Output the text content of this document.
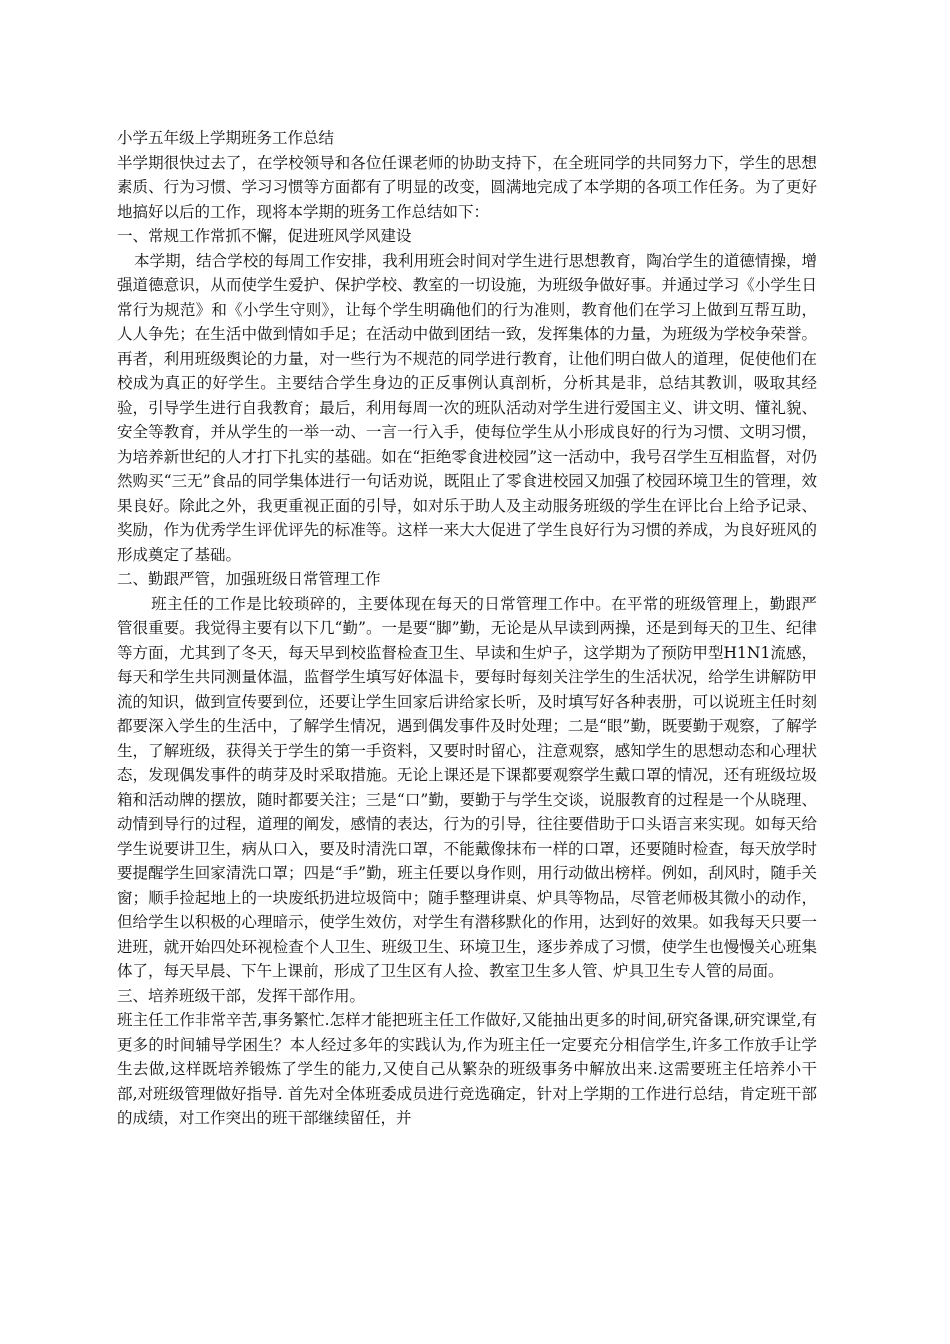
小学五年级上学期班务工作总结

半学期很快过去了，在学校领导和各位任课老师的协助支持下，在全班同学的共同努力下，学生的思想素质、行为习惯、学习习惯等方面都有了明显的改变，圆满地完成了本学期的各项工作任务。为了更好地搞好以后的工作，现将本学期的班务工作总结如下：

一、常规工作常抓不懈，促进班风学风建设

本学期，结合学校的每周工作安排，我利用班会时间对学生进行思想教育，陶冶学生的道德情操，增强道德意识，从而使学生爱护、保护学校、教室的一切设施，为班级争做好事。并通过学习《小学生日常行为规范》和《小学生守则》，让每个学生明确他们的行为准则，教育他们在学习上做到互帮互助，人人争先；在生活中做到情如手足；在活动中做到团结一致，发挥集体的力量，为班级为学校争荣誉。再者，利用班级舆论的力量，对一些行为不规范的同学进行教育，让他们明白做人的道理，促使他们在校成为真正的好学生。主要结合学生身边的正反事例认真剖析，分析其是非，总结其教训，吸取其经验，引导学生进行自我教育；最后，利用每周一次的班队活动对学生进行爱国主义、讲文明、懂礼貌、安全等教育，并从学生的一举一动、一言一行入手，使每位学生从小形成良好的行为习惯、文明习惯，为培养新世纪的人才打下扎实的基础。如在“拒绝零食进校园”这一活动中，我号召学生互相监督，对仍然购买“三无”食品的同学集体进行一句话劝说，既阻止了零食进校园又加强了校园环境卫生的管理，效果良好。除此之外，我更重视正面的引导，如对乐于助人及主动服务班级的学生在评比台上给予记录、奖励，作为优秀学生评优评先的标准等。这样一来大大促进了学生良好行为习惯的养成，为良好班风的形成奠定了基础。

二、勤跟严管，加强班级日常管理工作

班主任的工作是比较琐碎的，主要体现在每天的日常管理工作中。在平常的班级管理上，勤跟严管很重要。我觉得主要有以下几“勤”。一是要“脚”勤，无论是从早读到两操，还是到每天的卫生、纪律等方面，尤其到了冬天，每天早到校监督检查卫生、早读和生炉子，这学期为了预防甲型H1N1流感，每天和学生共同测量体温，监督学生填写好体温卡，要每时每刻关注学生的生活状况，给学生讲解防甲流的知识，做到宣传要到位，还要让学生回家后讲给家长听，及时填写好各种表册，可以说班主任时刻都要深入学生的生活中，了解学生情况，遇到偶发事件及时处理；二是“眼”勤，既要勤于观察，了解学生，了解班级，获得关于学生的第一手资料，又要时时留心，注意观察，感知学生的思想动态和心理状态，发现偶发事件的萌芽及时采取措施。无论上课还是下课都要观察学生戴口罩的情况，还有班级垃圾箱和活动牌的摆放，随时都要关注；三是“口”勤，要勤于与学生交谈，说服教育的过程是一个从晓理、动情到导行的过程，道理的阐发，感情的表达，行为的引导，往往要借助于口头语言来实现。如每天给学生说要讲卫生，病从口入，要及时清洗口罩，不能戴像抹布一样的口罩，还要随时检查，每天放学时要提醒学生回家清洗口罩；四是“手”勤，班主任要以身作则，用行动做出榜样。例如，刮风时，随手关窗；顺手捡起地上的一块废纸扔进垃圾筒中；随手整理讲桌、炉具等物品，尽管老师极其微小的动作，但给学生以积极的心理暗示，使学生效仿，对学生有潜移默化的作用，达到好的效果。如我每天只要一进班，就开始四处环视检查个人卫生、班级卫生、环境卫生，逐步养成了习惯，使学生也慢慢关心班集体了，每天早晨、下午上课前，形成了卫生区有人捡、教室卫生多人管、炉具卫生专人管的局面。

三、培养班级干部，发挥干部作用。

班主任工作非常辛苦,事务繁忙.怎样才能把班主任工作做好,又能抽出更多的时间,研究备课,研究课堂,有更多的时间辅导学困生？本人经过多年的实践认为,作为班主任一定要充分相信学生,许多工作放手让学生去做,这样既培养锻炼了学生的能力,又使自己从繁杂的班级事务中解放出来.这需要班主任培养小干部,对班级管理做好指导. 首先对全体班委成员进行竞选确定，针对上学期的工作进行总结，肯定班干部的成绩，对工作突出的班干部继续留任，并
